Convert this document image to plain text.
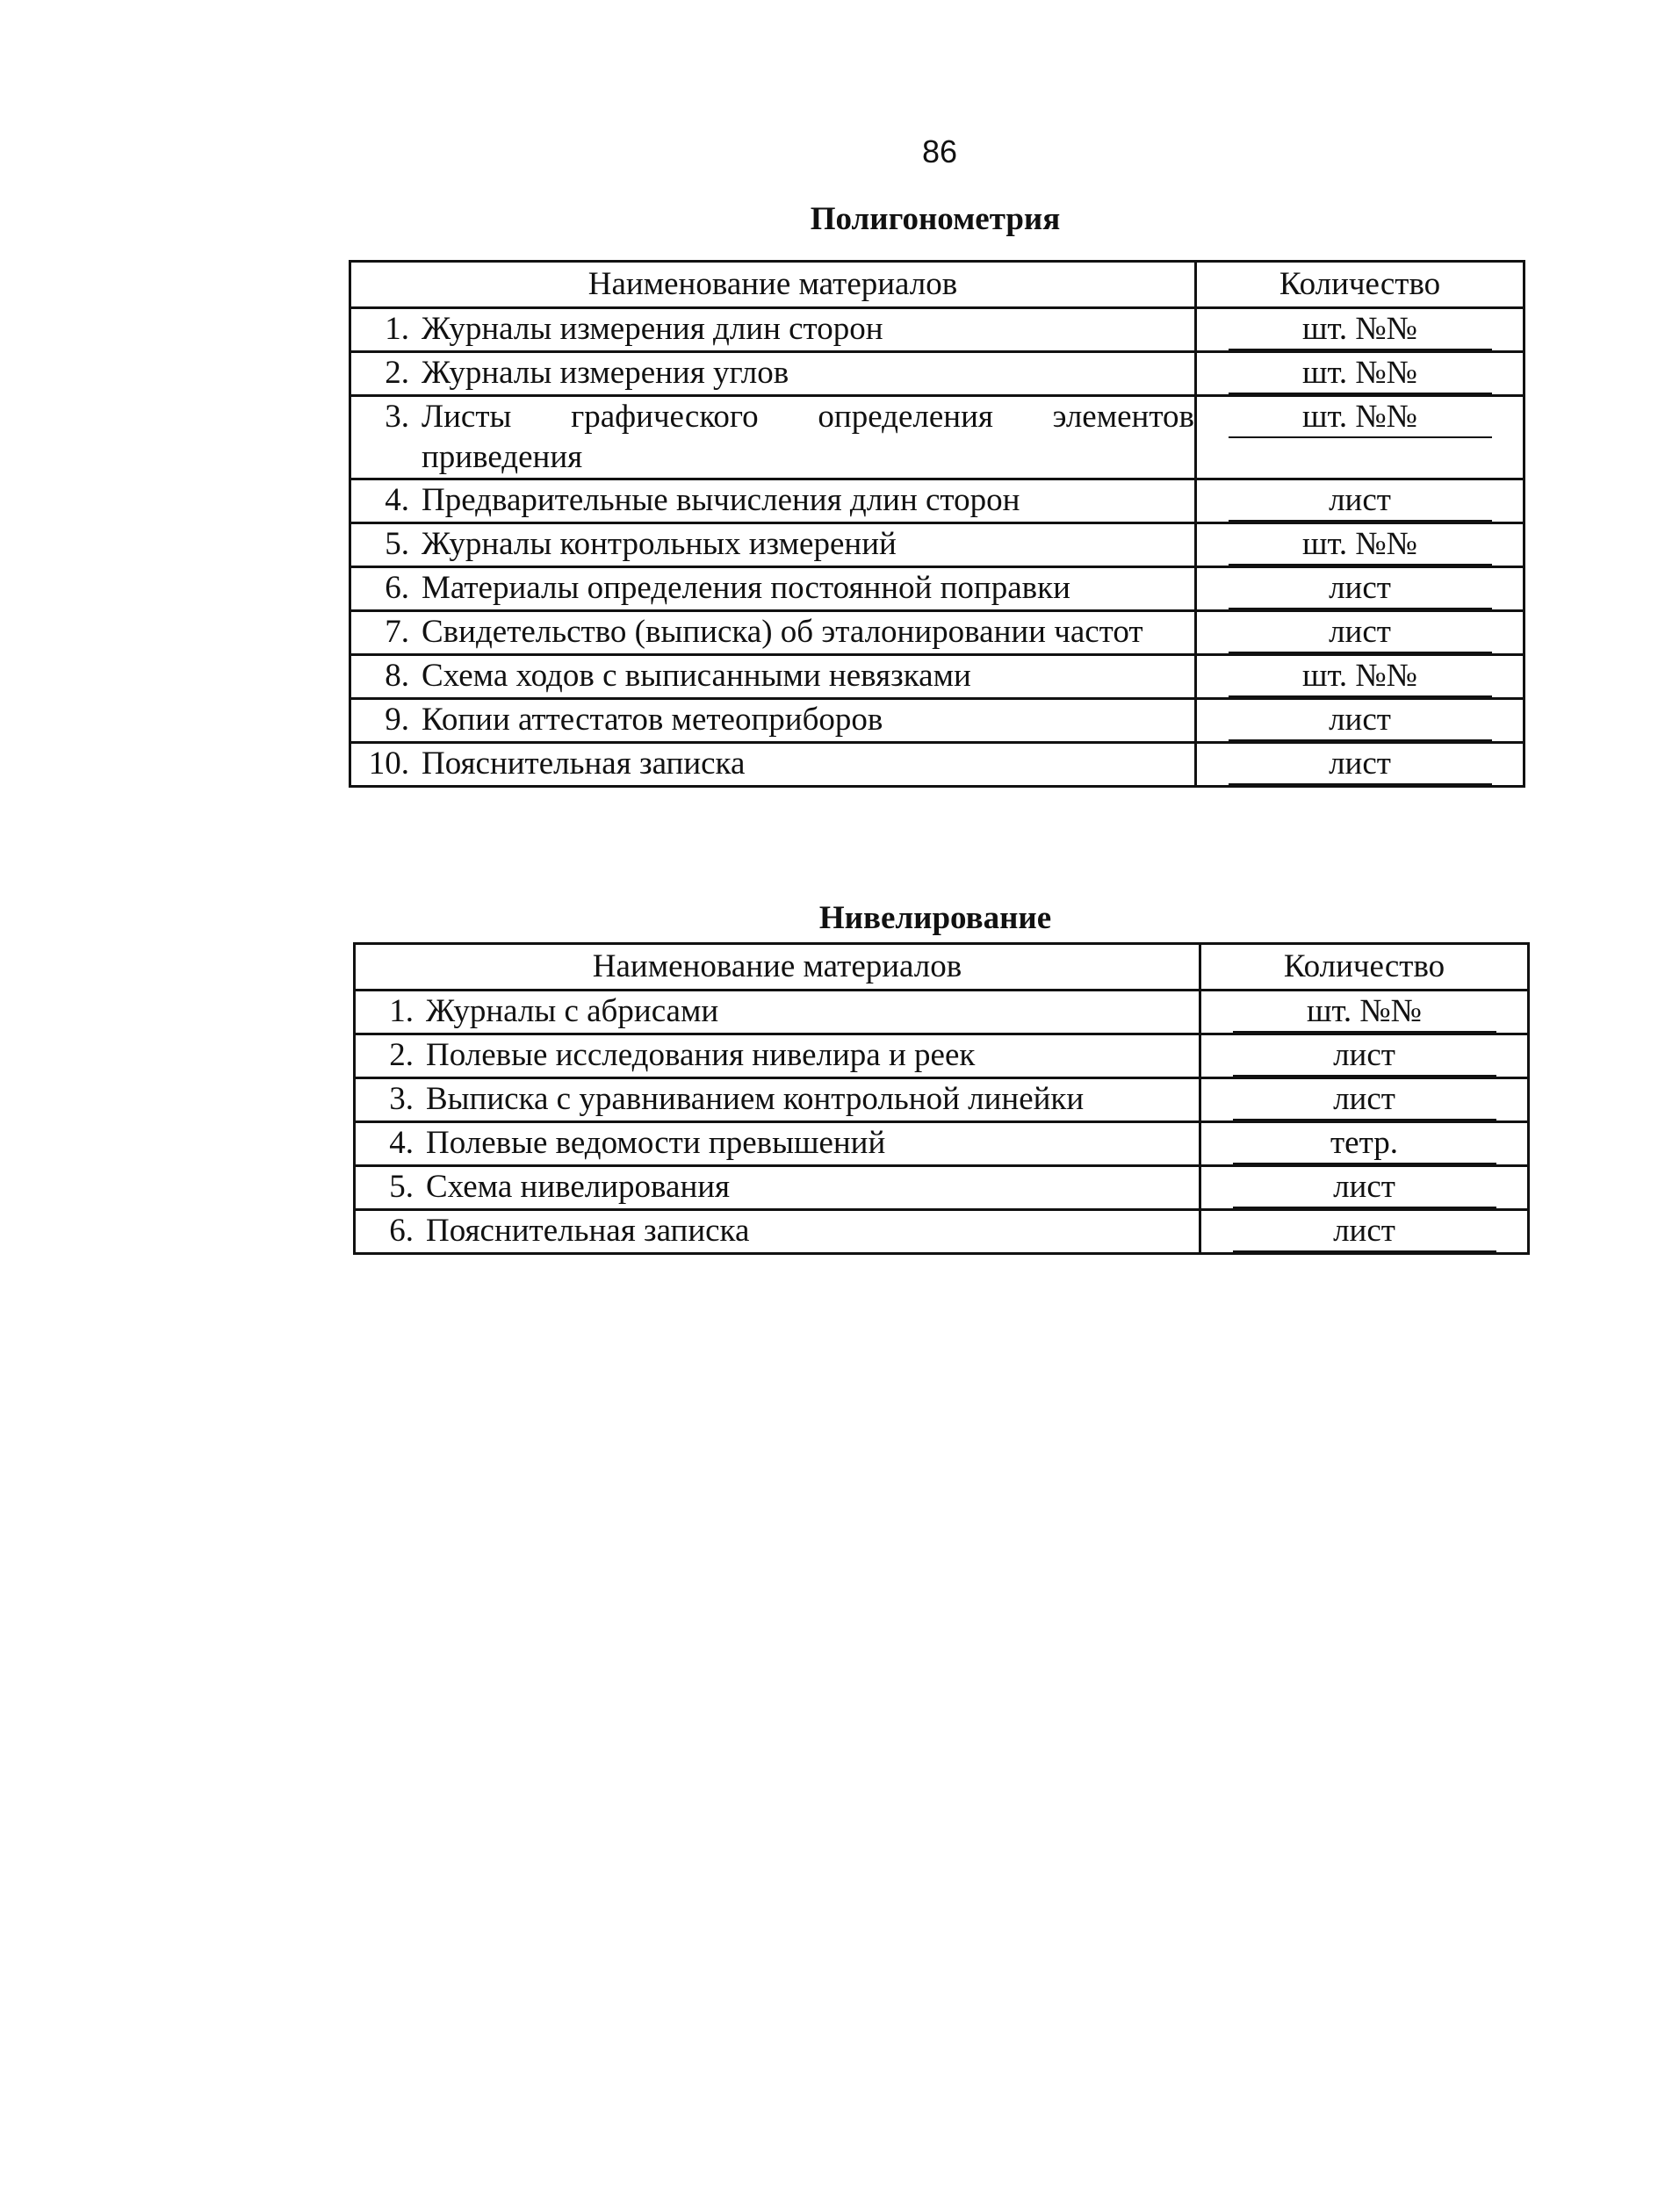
86
Полигонометрия
Наименование материалов	Количество

1. Журналы измерения длин сторон	шт. №№

2. Журналы измерения углов	шт. №№

3. Листы графического определения элементов приведения	шт. №№

4. Предварительные вычисления длин сторон	лист

5. Журналы контрольных измерений	шт. №№

6. Материалы определения постоянной поправки	лист

7. Свидетельство (выписка) об эталонировании частот	лист

8. Схема ходов с выписанными невязками	шт. №№

9. Копии аттестатов метеоприборов	лист

10. Пояснительная записка	лист
Нивелирование
Наименование материалов	Количество

1. Журналы с абрисами	шт. №№

2. Полевые исследования нивелира и реек	лист

3. Выписка с уравниванием контрольной линейки	лист

4. Полевые ведомости превышений	тетр.

5. Схема нивелирования	лист

6. Пояснительная записка	лист
